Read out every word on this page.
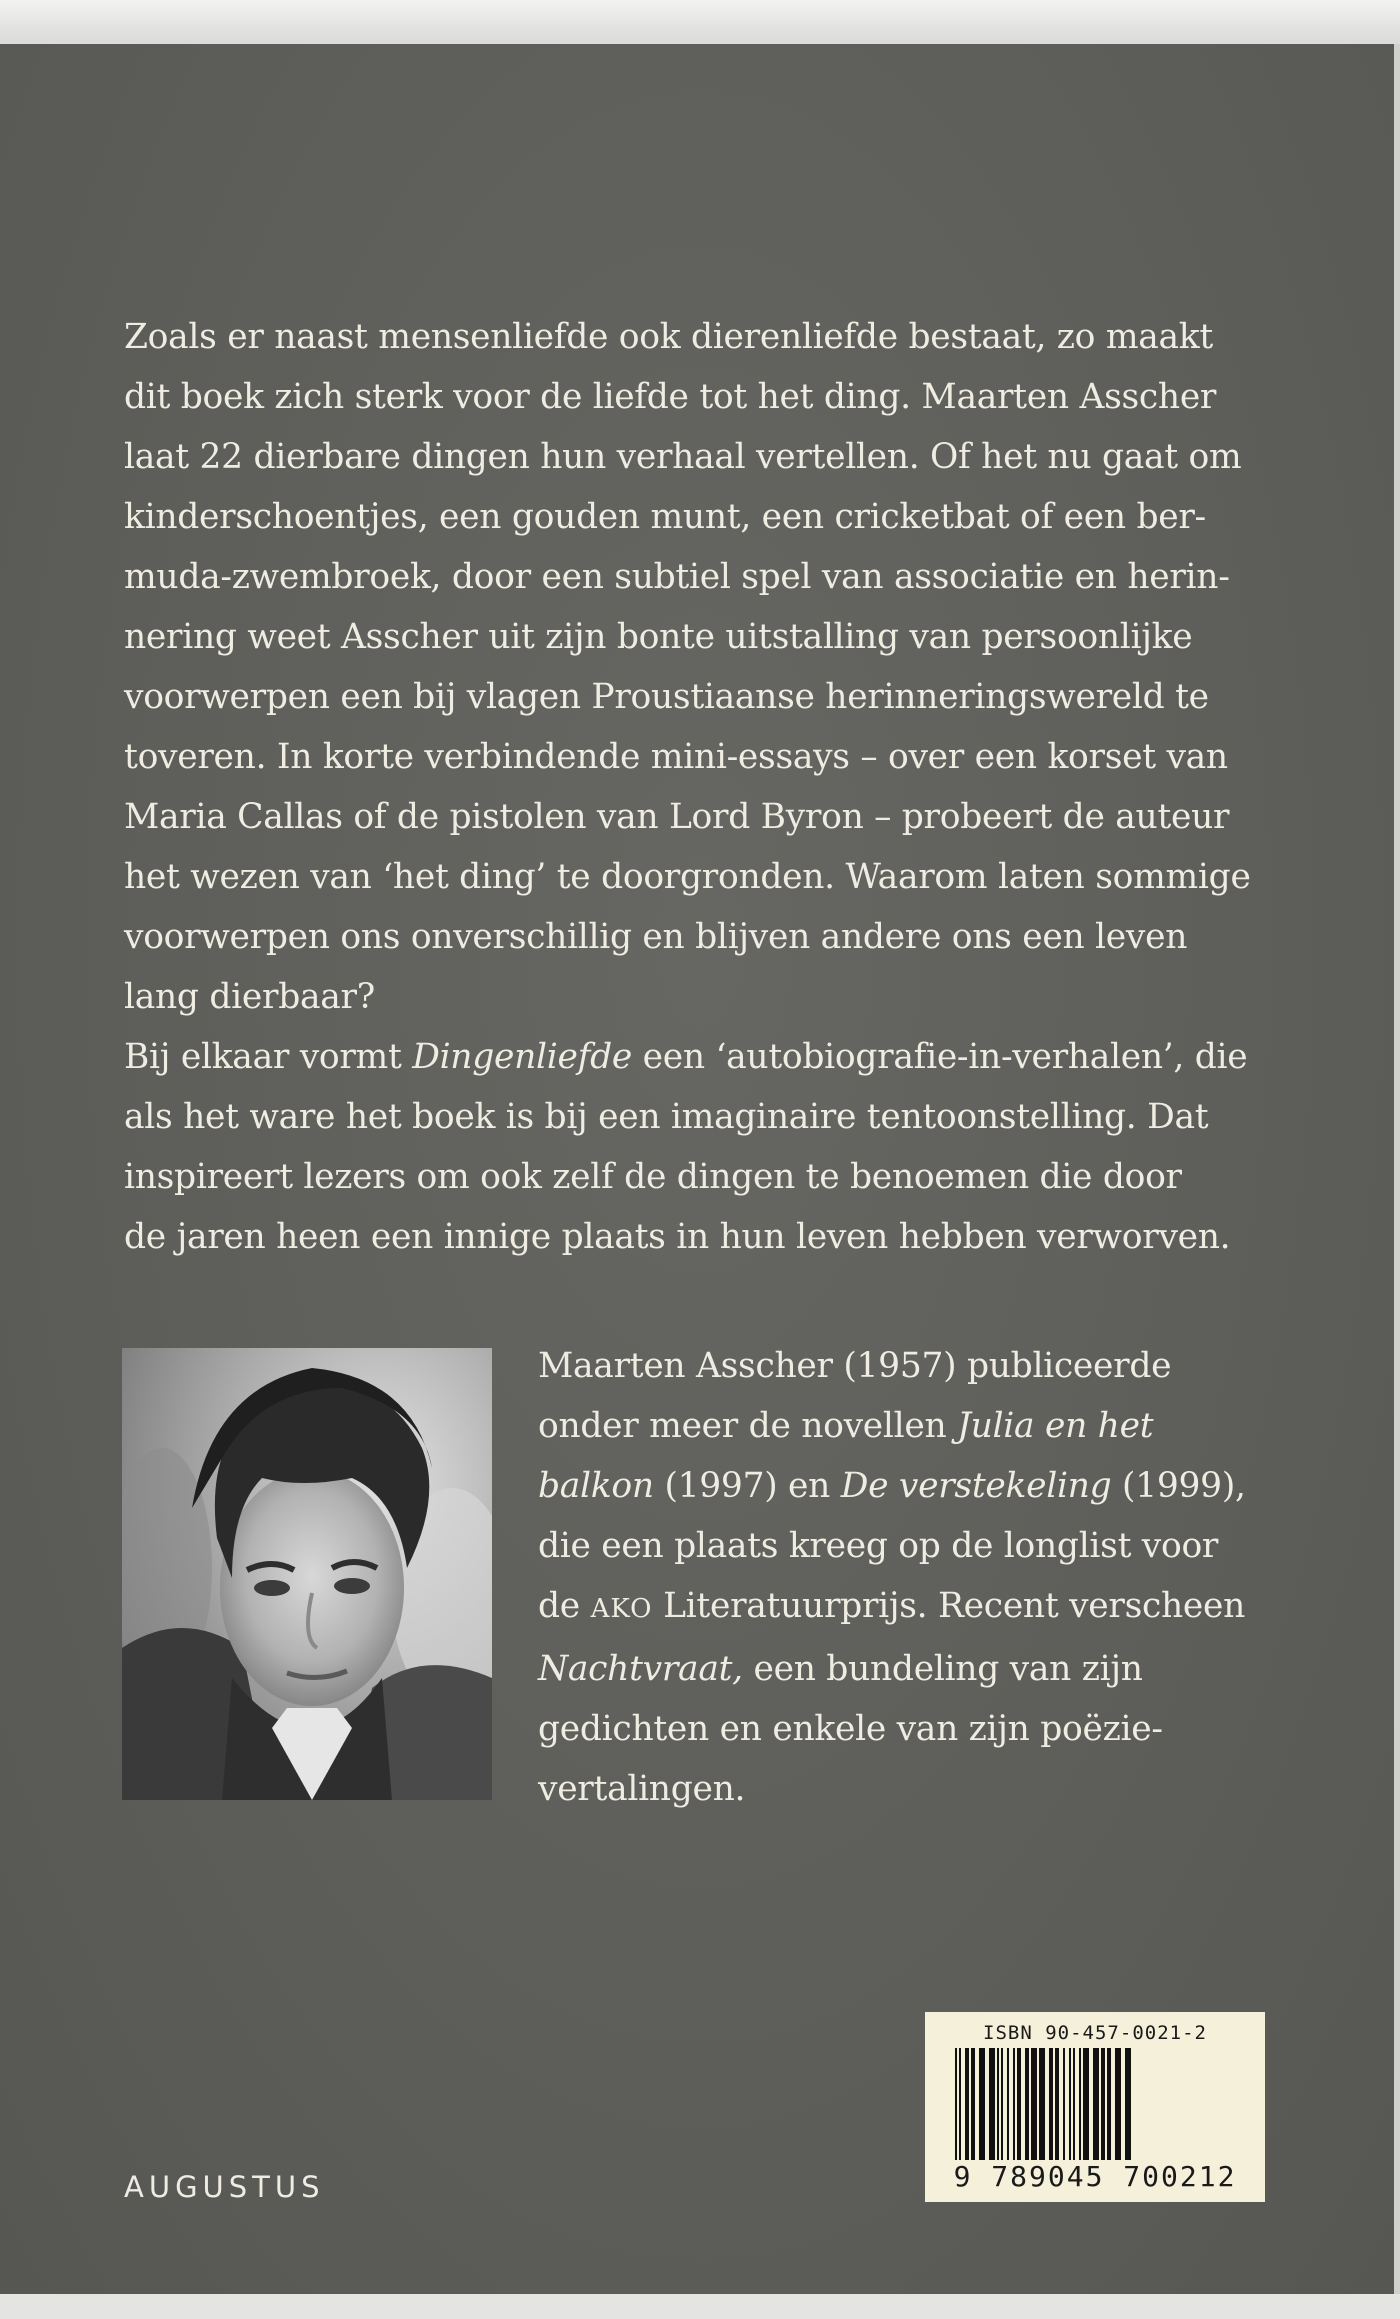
Zoals er naast mensenliefde ook dierenliefde bestaat, zo maakt
dit boek zich sterk voor de liefde tot het ding. Maarten Asscher
laat 22 dierbare dingen hun verhaal vertellen. Of het nu gaat om
kinderschoentjes, een gouden munt, een cricketbat of een ber-
muda-zwembroek, door een subtiel spel van associatie en herin-
nering weet Asscher uit zijn bonte uitstalling van persoonlijke
voorwerpen een bij vlagen Proustiaanse herinneringswereld te
toveren. In korte verbindende mini-essays – over een korset van
Maria Callas of de pistolen van Lord Byron – probeert de auteur
het wezen van ‘het ding’ te doorgronden. Waarom laten sommige
voorwerpen ons onverschillig en blijven andere ons een leven
lang dierbaar?

Bij elkaar vormt Dingenliefde een ‘autobiografie-in-verhalen’, die
als het ware het boek is bij een imaginaire tentoonstelling. Dat
inspireert lezers om ook zelf de dingen te benoemen die door
de jaren heen een innige plaats in hun leven hebben verworven.

Maarten Asscher (1957) publiceerde
onder meer de novellen Julia en het
balkon (1997) en De verstekeling (1999),
die een plaats kreeg op de longlist voor
de AKO Literatuurprijs. Recent verscheen
Nachtvraat, een bundeling van zijn
gedichten en enkele van zijn poëzie-
vertalingen.

AUGUSTUS
ISBN 90-457-0021-2
9 789045 700212
